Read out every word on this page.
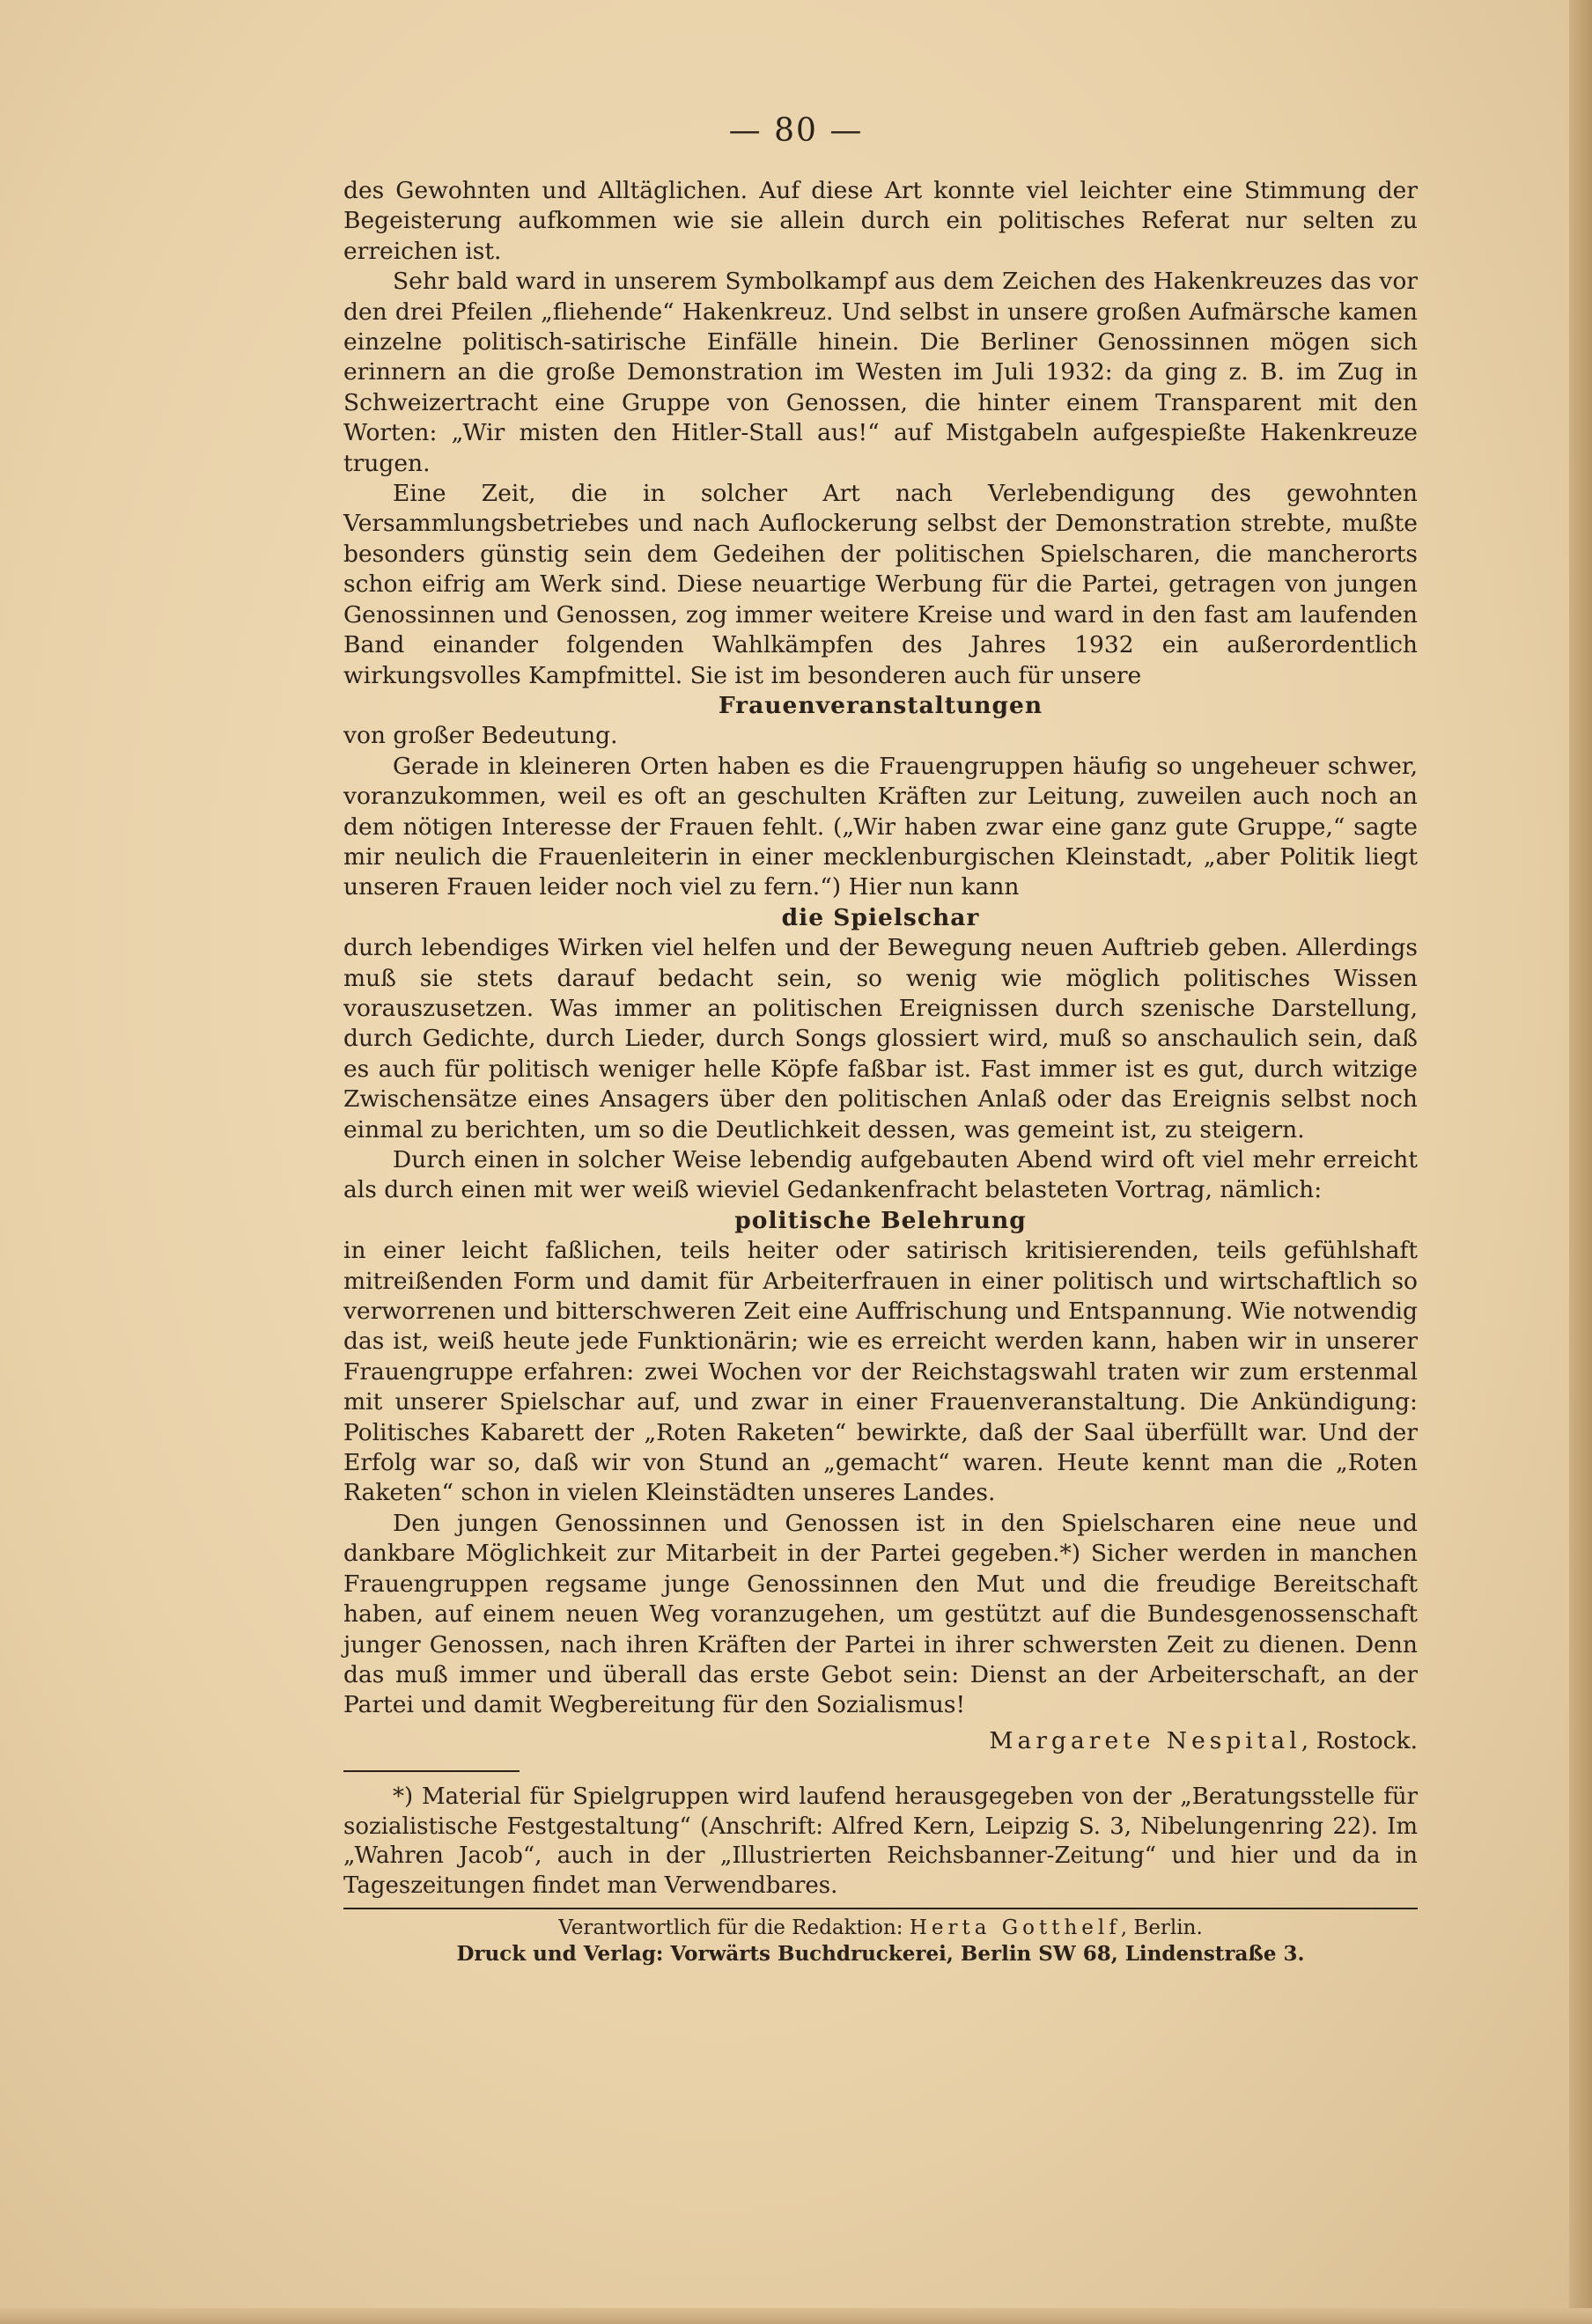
— 80 —

des Gewohnten und Alltäglichen. Auf diese Art konnte viel leichter eine Stimmung der Begeisterung aufkommen wie sie allein durch ein politisches Referat nur selten zu erreichen ist.

Sehr bald ward in unserem Symbolkampf aus dem Zeichen des Hakenkreuzes das vor den drei Pfeilen „fliehende“ Hakenkreuz. Und selbst in unsere großen Aufmärsche kamen einzelne politisch-satirische Einfälle hinein. Die Berliner Genossinnen mögen sich erinnern an die große Demonstration im Westen im Juli 1932: da ging z. B. im Zug in Schweizertracht eine Gruppe von Genossen, die hinter einem Transparent mit den Worten: „Wir misten den Hitler-Stall aus!“ auf Mistgabeln aufgespießte Hakenkreuze trugen.

Eine Zeit, die in solcher Art nach Verlebendigung des gewohnten Versammlungsbetriebes und nach Auflockerung selbst der Demonstration strebte, mußte besonders günstig sein dem Gedeihen der politischen Spielscharen, die mancherorts schon eifrig am Werk sind. Diese neuartige Werbung für die Partei, getragen von jungen Genossinnen und Genossen, zog immer weitere Kreise und ward in den fast am laufenden Band einander folgenden Wahlkämpfen des Jahres 1932 ein außerordentlich wirkungsvolles Kampfmittel. Sie ist im besonderen auch für unsere

Frauenveranstaltungen

von großer Bedeutung.

Gerade in kleineren Orten haben es die Frauengruppen häufig so ungeheuer schwer, voranzukommen, weil es oft an geschulten Kräften zur Leitung, zuweilen auch noch an dem nötigen Interesse der Frauen fehlt. („Wir haben zwar eine ganz gute Gruppe,“ sagte mir neulich die Frauenleiterin in einer mecklenburgischen Kleinstadt, „aber Politik liegt unseren Frauen leider noch viel zu fern.“) Hier nun kann

die Spielschar

durch lebendiges Wirken viel helfen und der Bewegung neuen Auftrieb geben. Allerdings muß sie stets darauf bedacht sein, so wenig wie möglich politisches Wissen vorauszusetzen. Was immer an politischen Ereignissen durch szenische Darstellung, durch Gedichte, durch Lieder, durch Songs glossiert wird, muß so anschaulich sein, daß es auch für politisch weniger helle Köpfe faßbar ist. Fast immer ist es gut, durch witzige Zwischensätze eines Ansagers über den politischen Anlaß oder das Ereignis selbst noch einmal zu berichten, um so die Deutlichkeit dessen, was gemeint ist, zu steigern.

Durch einen in solcher Weise lebendig aufgebauten Abend wird oft viel mehr erreicht als durch einen mit wer weiß wieviel Gedankenfracht belasteten Vortrag, nämlich:

politische Belehrung

in einer leicht faßlichen, teils heiter oder satirisch kritisierenden, teils gefühlshaft mitreißenden Form und damit für Arbeiterfrauen in einer politisch und wirtschaftlich so verworrenen und bitterschweren Zeit eine Auffrischung und Entspannung. Wie notwendig das ist, weiß heute jede Funktionärin; wie es erreicht werden kann, haben wir in unserer Frauengruppe erfahren: zwei Wochen vor der Reichstagswahl traten wir zum erstenmal mit unserer Spielschar auf, und zwar in einer Frauenveranstaltung. Die Ankündigung: Politisches Kabarett der „Roten Raketen“ bewirkte, daß der Saal überfüllt war. Und der Erfolg war so, daß wir von Stund an „gemacht“ waren. Heute kennt man die „Roten Raketen“ schon in vielen Kleinstädten unseres Landes.

Den jungen Genossinnen und Genossen ist in den Spielscharen eine neue und dankbare Möglichkeit zur Mitarbeit in der Partei gegeben.*) Sicher werden in manchen Frauengruppen regsame junge Genossinnen den Mut und die freudige Bereitschaft haben, auf einem neuen Weg voranzugehen, um gestützt auf die Bundesgenossenschaft junger Genossen, nach ihren Kräften der Partei in ihrer schwersten Zeit zu dienen. Denn das muß immer und überall das erste Gebot sein: Dienst an der Arbeiterschaft, an der Partei und damit Wegbereitung für den Sozialismus!

Margarete Nespital, Rostock.

*) Material für Spielgruppen wird laufend herausgegeben von der „Beratungsstelle für sozialistische Festgestaltung“ (Anschrift: Alfred Kern, Leipzig S. 3, Nibelungenring 22). Im „Wahren Jacob“, auch in der „Illustrierten Reichsbanner-Zeitung“ und hier und da in Tageszeitungen findet man Verwendbares.

Verantwortlich für die Redaktion: Herta Gotthelf, Berlin.
Druck und Verlag: Vorwärts Buchdruckerei, Berlin SW 68, Lindenstraße 3.
